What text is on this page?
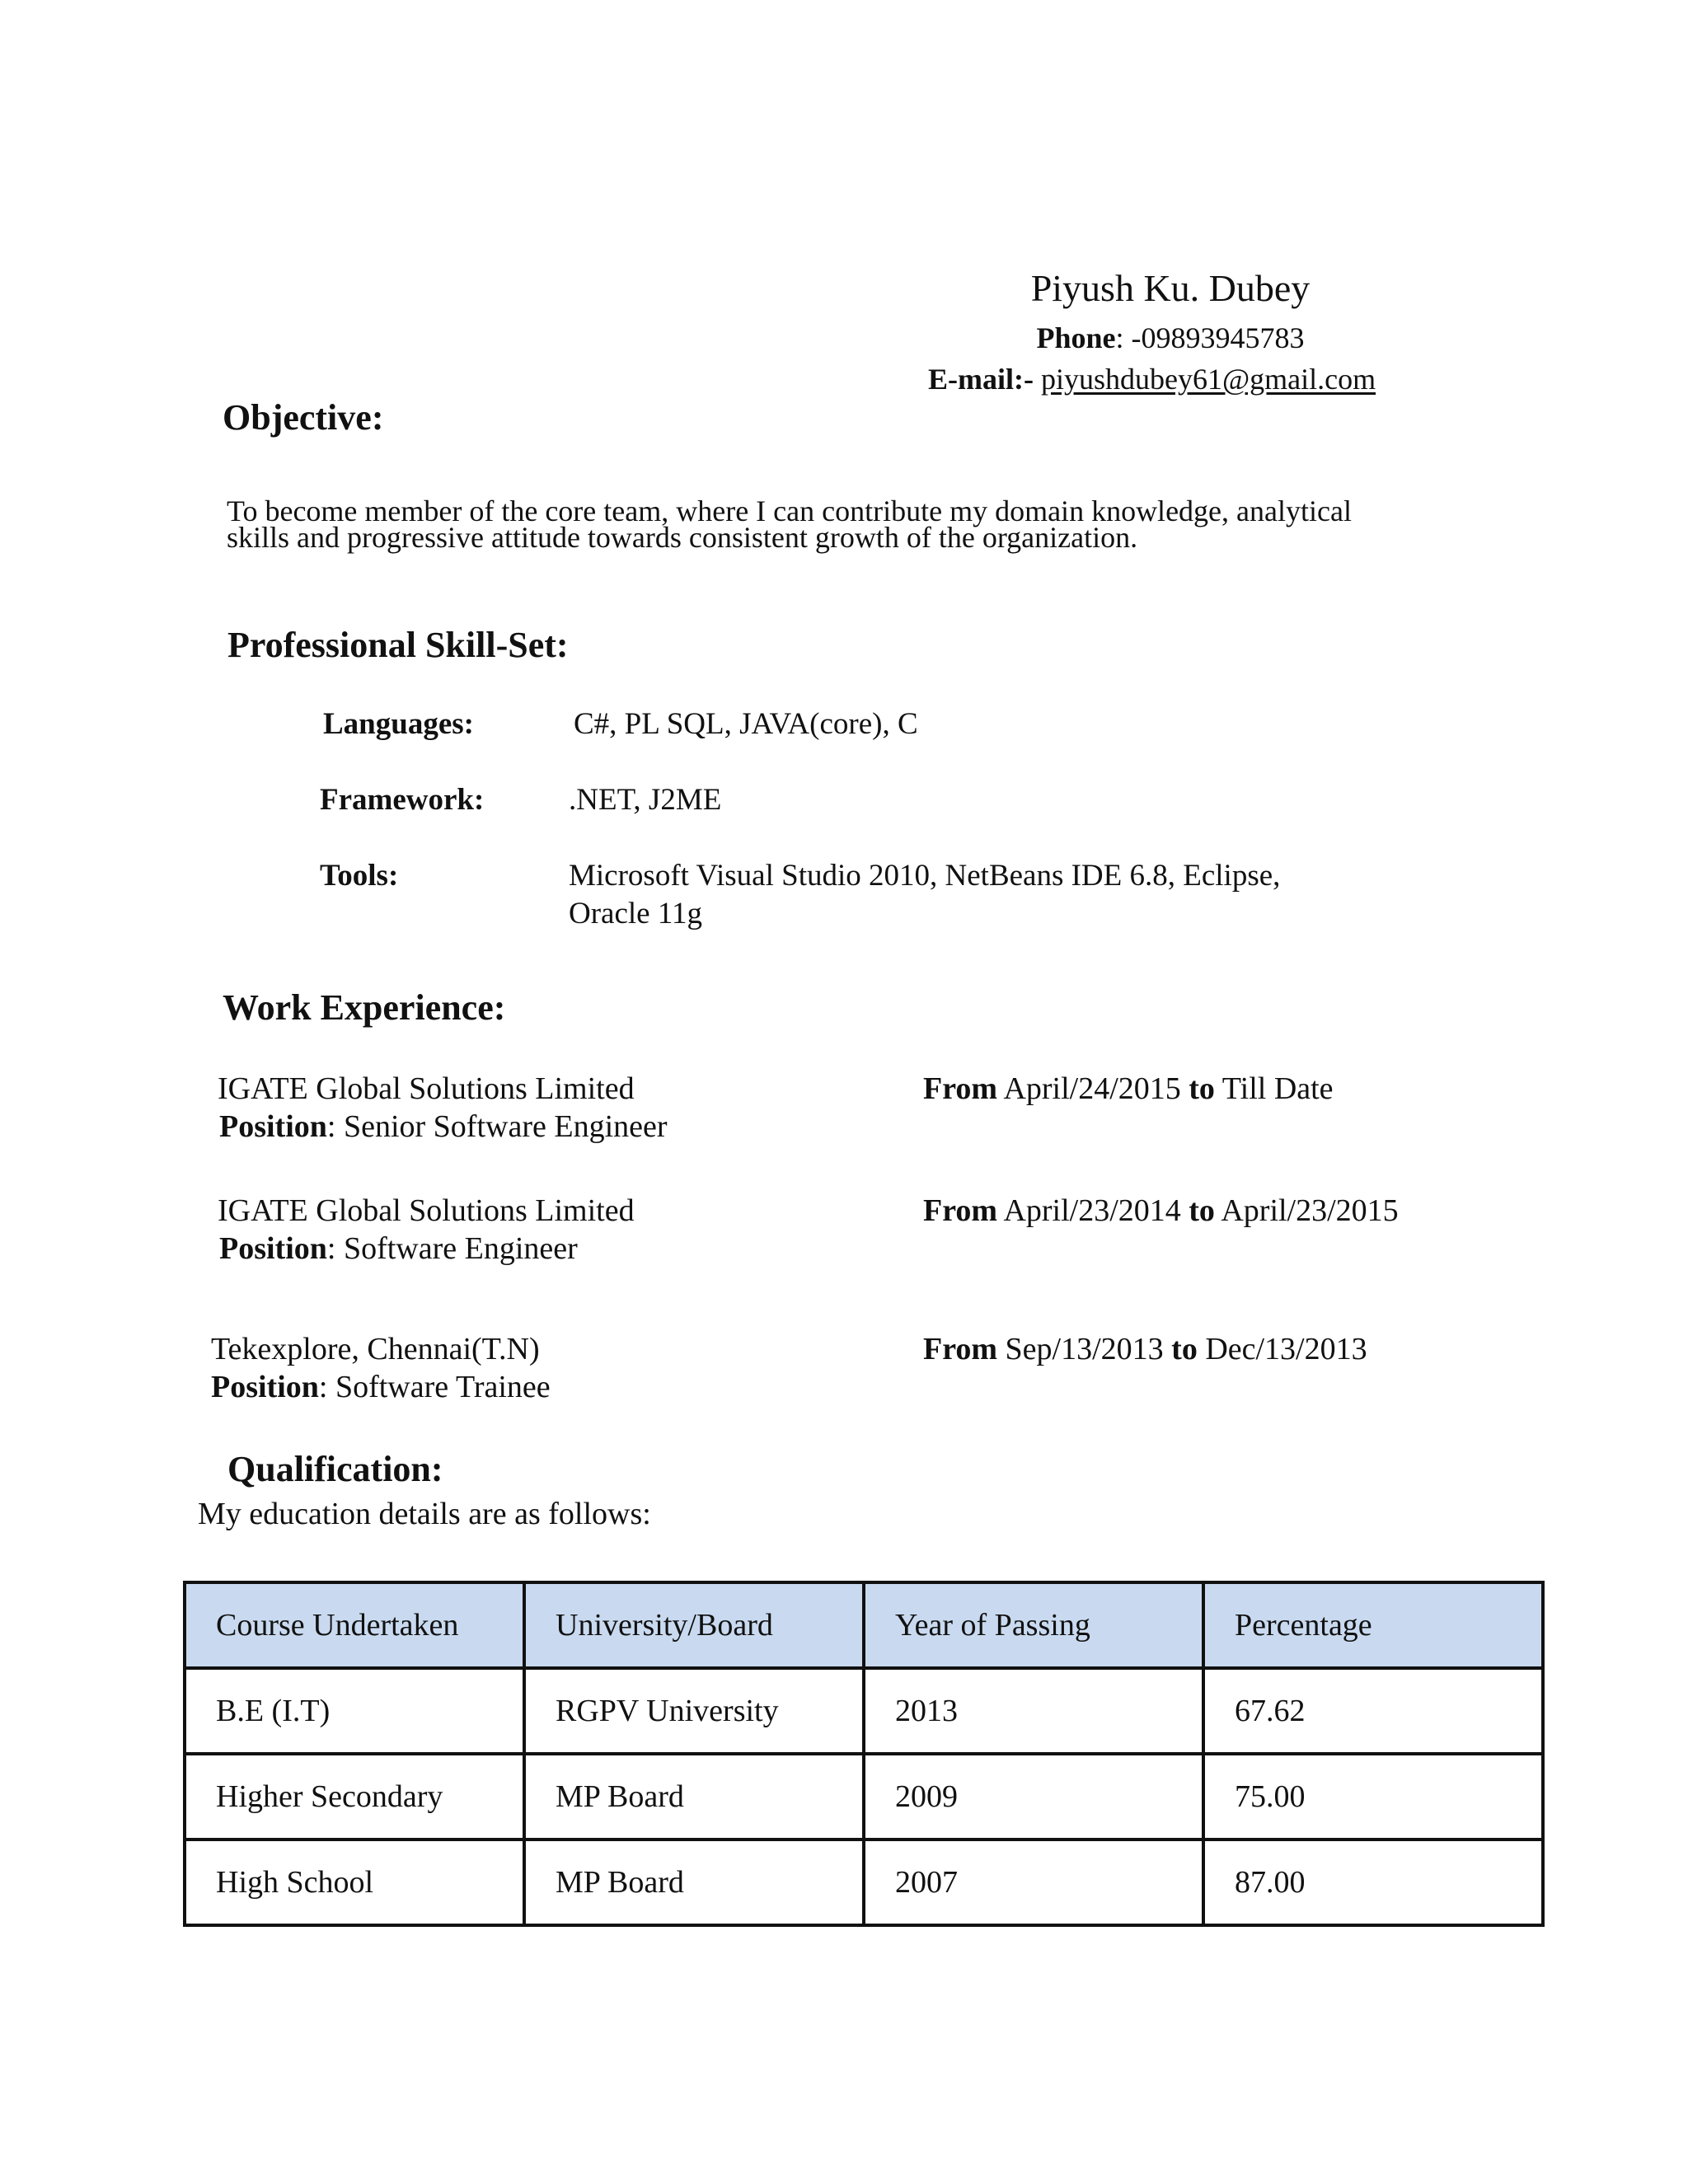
Piyush Ku. Dubey
Phone: -09893945783
E-mail:- piyushdubey61@gmail.com
Objective:
To become member of the core team, where I can contribute my domain knowledge, analytical skills and progressive attitude towards consistent growth of the organization.
Professional Skill-Set:
Languages:	C#, PL SQL, JAVA(core), C
Framework:	.NET, J2ME
Tools:	Microsoft Visual Studio 2010, NetBeans IDE 6.8, Eclipse,
Oracle 11g
Work Experience:
IGATE Global Solutions Limited
Position: Senior Software Engineer
From April/24/2015 to Till Date
IGATE Global Solutions Limited
Position: Software Engineer
From April/23/2014 to April/23/2015
Tekexplore, Chennai(T.N)
Position: Software Trainee
From Sep/13/2013 to Dec/13/2013
Qualification:
My education details are as follows:
Course Undertaken	University/Board	Year of Passing	Percentage
B.E (I.T)	RGPV University	2013	67.62
Higher Secondary	MP Board	2009	75.00
High School	MP Board	2007	87.00
